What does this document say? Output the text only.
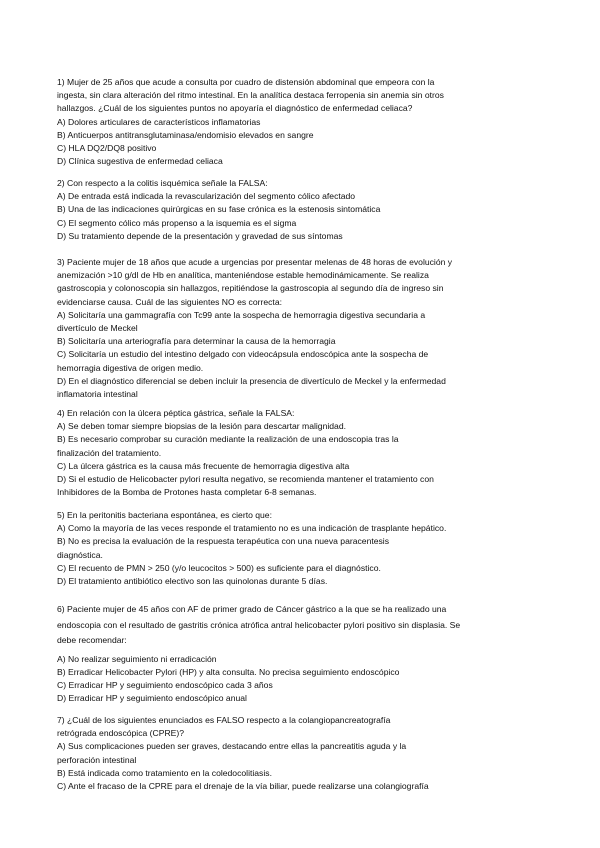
1) Mujer de 25 años que acude a consulta por cuadro de distensión abdominal que empeora con la
ingesta, sin clara alteración del ritmo intestinal. En la analítica destaca ferropenia sin anemia sin otros
hallazgos. ¿Cuál de los siguientes puntos no apoyaría el diagnóstico de enfermedad celiaca?
A) Dolores articulares de característicos inflamatorias
B) Anticuerpos antitransglutaminasa/endomisio elevados en sangre
C) HLA DQ2/DQ8 positivo
D) Clínica sugestiva de enfermedad celiaca
2) Con respecto a la colitis isquémica señale la FALSA:
A) De entrada está indicada la revascularización del segmento cólico afectado
B) Una de las indicaciones quirúrgicas en su fase crónica es la estenosis sintomática
C) El segmento cólico más propenso a la isquemia es el sigma
D) Su tratamiento depende de la presentación y gravedad de sus síntomas
3) Paciente mujer de 18 años que acude a urgencias por presentar melenas de 48 horas de evolución y
anemización >10 g/dl de Hb en analítica, manteniéndose estable hemodinámicamente. Se realiza
gastroscopia y colonoscopia sin hallazgos, repitiéndose la gastroscopia al segundo día de ingreso sin
evidenciarse causa. Cuál de las siguientes NO es correcta:
A) Solicitaría una gammagrafía con Tc99 ante la sospecha de hemorragia digestiva secundaria a
divertículo de Meckel
B) Solicitaría una arteriografía para determinar la causa de la hemorragia
C) Solicitaría un estudio del intestino delgado con videocápsula endoscópica ante la sospecha de
hemorragia digestiva de origen medio.
D) En el diagnóstico diferencial se deben incluir la presencia de divertículo de Meckel y la enfermedad
inflamatoria intestinal
4) En relación con la úlcera péptica gástrica, señale la FALSA:
A) Se deben tomar siempre biopsias de la lesión para descartar malignidad.
B) Es necesario comprobar su curación mediante la realización de una endoscopia tras la
finalización del tratamiento.
C) La úlcera gástrica es la causa más frecuente de hemorragia digestiva alta
D) Si el estudio de Helicobacter pylori resulta negativo, se recomienda mantener el tratamiento con
Inhibidores de la Bomba de Protones hasta completar 6-8 semanas.
5) En la peritonitis bacteriana espontánea, es cierto que:
A) Como la mayoría de las veces responde el tratamiento no es una indicación de trasplante hepático.
B) No es precisa la evaluación de la respuesta terapéutica con una nueva paracentesis
diagnóstica.
C) El recuento de PMN > 250 (y/o leucocitos > 500) es suficiente para el diagnóstico.
D) El tratamiento antibiótico electivo son las quinolonas durante 5 días.
6) Paciente mujer de 45 años con AF de primer grado de Cáncer gástrico a la que se ha realizado una
endoscopia con el resultado de gastritis crónica atrófica antral helicobacter pylori positivo sin displasia. Se
debe recomendar:
A) No realizar seguimiento ni erradicación
B) Erradicar Helicobacter Pylori (HP) y alta consulta. No precisa seguimiento endoscópico
C) Erradicar HP y seguimiento endoscópico cada 3 años
D) Erradicar HP y seguimiento endoscópico anual
7) ¿Cuál de los siguientes enunciados es FALSO respecto a la colangiopancreatografía
retrógrada endoscópica (CPRE)?
A) Sus complicaciones pueden ser graves, destacando entre ellas la pancreatitis aguda y la
perforación intestinal
B) Está indicada como tratamiento en la coledocolitiasis.
C) Ante el fracaso de la CPRE para el drenaje de la vía biliar, puede realizarse una colangiografía
